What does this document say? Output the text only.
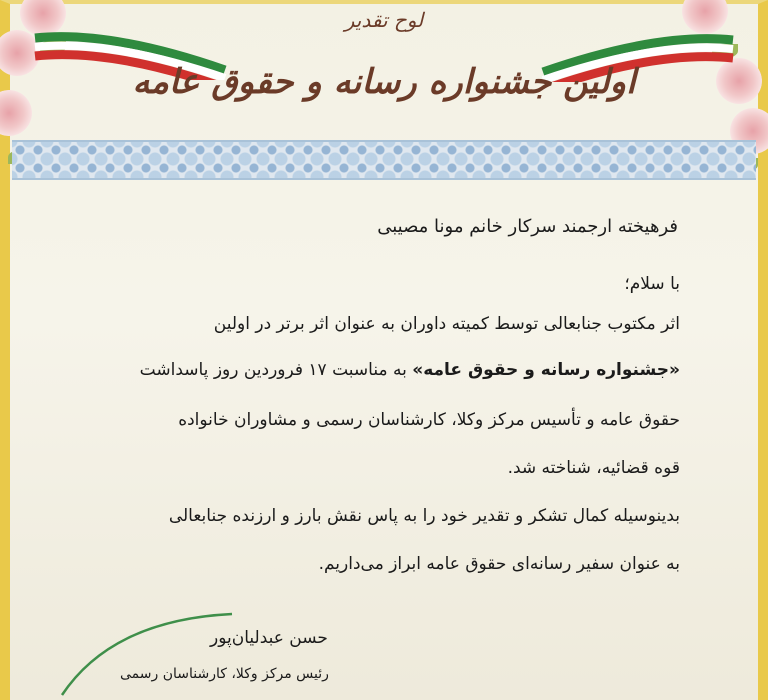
لوح تقدیر
اولین جشنواره رسانه و حقوق عامه
فرهیخته ارجمند سرکار خانم مونا مصیبی
با سلام؛
اثر مکتوب جنابعالی توسط کمیته داوران به عنوان اثر برتر در اولین
«جشنواره رسانه و حقوق عامه» به مناسبت ۱۷ فروردین روز پاسداشت
حقوق عامه و تأسیس مرکز وکلا، کارشناسان رسمی و مشاوران خانواده
قوه قضائیه، شناخته شد.
بدینوسیله کمال تشکر و تقدیر خود را به پاس نقش بارز و ارزنده جنابعالی
به عنوان سفیر رسانه‌ای حقوق عامه ابراز می‌داریم.
حسن عبدلیان‌پور
رئیس مرکز وکلا، کارشناسان رسمی
